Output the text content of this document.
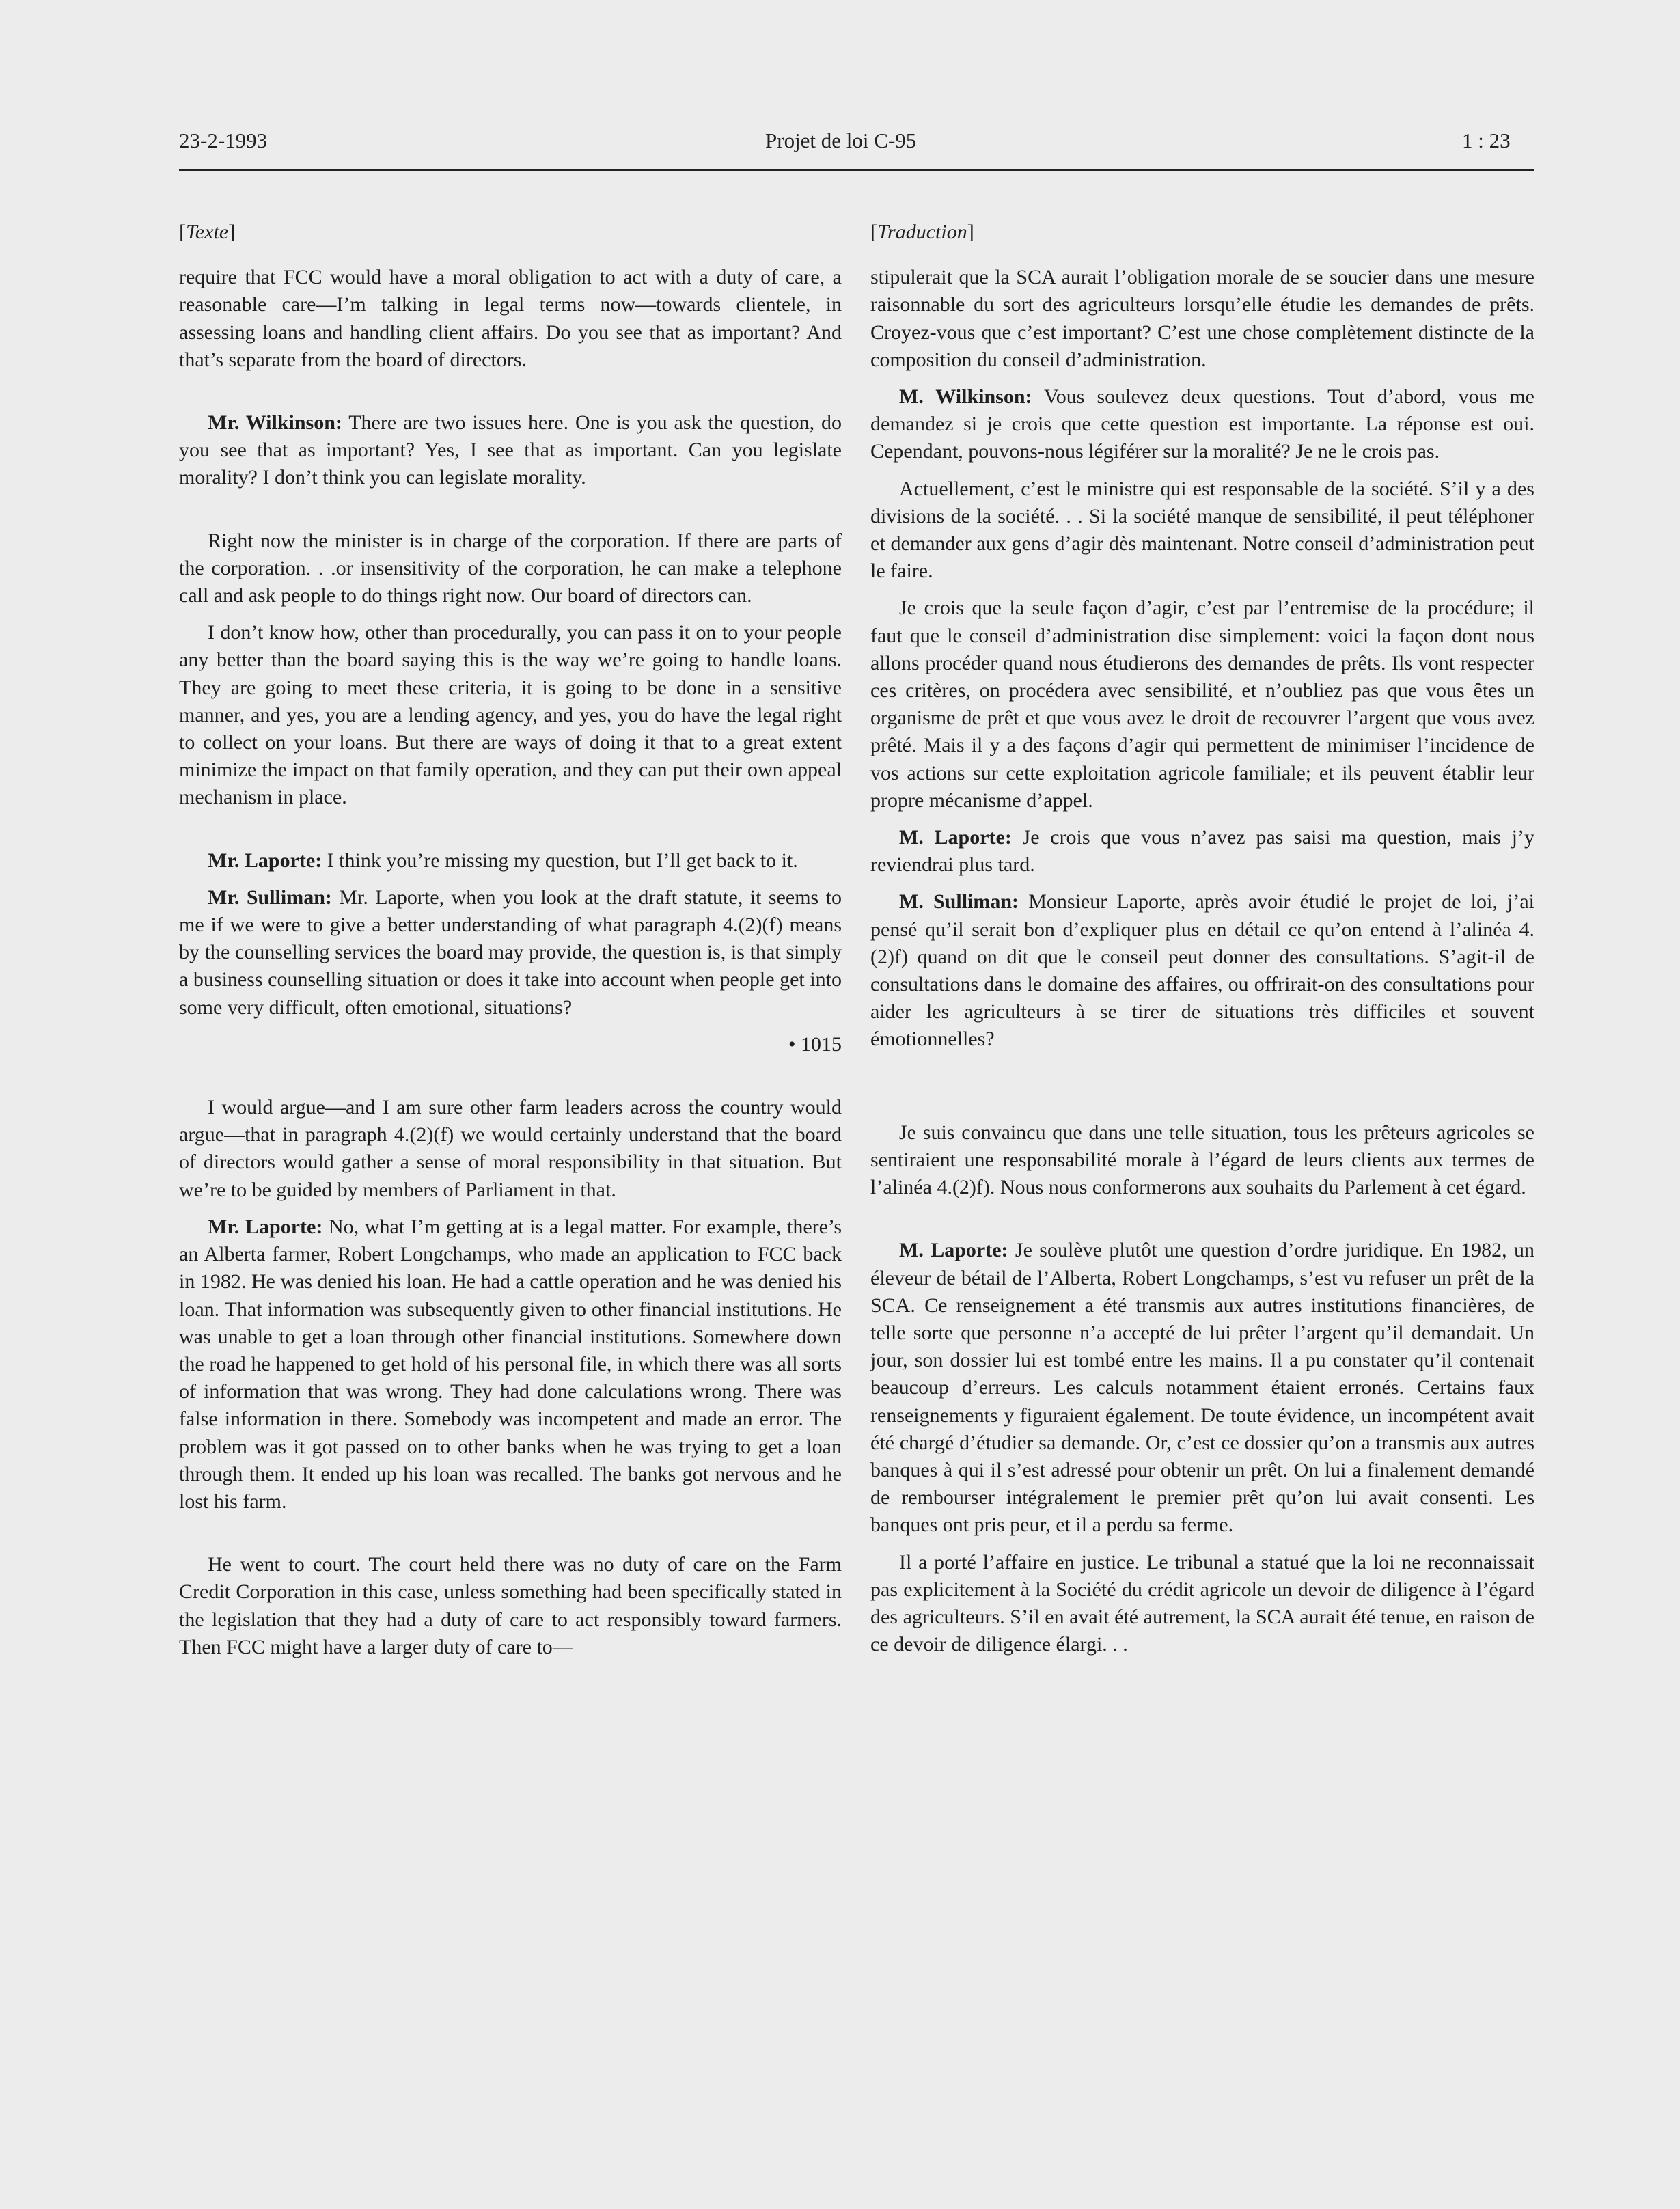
23-2-1993	Projet de loi C-95	1 : 23

[Texte]

require that FCC would have a moral obligation to act with a duty of care, a reasonable care—I’m talking in legal terms now—towards clientele, in assessing loans and handling client affairs. Do you see that as important? And that’s separate from the board of directors.

Mr. Wilkinson: There are two issues here. One is you ask the question, do you see that as important? Yes, I see that as important. Can you legislate morality? I don’t think you can legislate morality.

Right now the minister is in charge of the corporation. If there are parts of the corporation. . .or insensitivity of the corporation, he can make a telephone call and ask people to do things right now. Our board of directors can.

I don’t know how, other than procedurally, you can pass it on to your people any better than the board saying this is the way we’re going to handle loans. They are going to meet these criteria, it is going to be done in a sensitive manner, and yes, you are a lending agency, and yes, you do have the legal right to collect on your loans. But there are ways of doing it that to a great extent minimize the impact on that family operation, and they can put their own appeal mechanism in place.

Mr. Laporte: I think you’re missing my question, but I’ll get back to it.

Mr. Sulliman: Mr. Laporte, when you look at the draft statute, it seems to me if we were to give a better understanding of what paragraph 4.(2)(f) means by the counselling services the board may provide, the question is, is that simply a business counselling situation or does it take into account when people get into some very difficult, often emotional, situations?

• 1015

I would argue—and I am sure other farm leaders across the country would argue—that in paragraph 4.(2)(f) we would certainly understand that the board of directors would gather a sense of moral responsibility in that situation. But we’re to be guided by members of Parliament in that.

Mr. Laporte: No, what I’m getting at is a legal matter. For example, there’s an Alberta farmer, Robert Longchamps, who made an application to FCC back in 1982. He was denied his loan. He had a cattle operation and he was denied his loan. That information was subsequently given to other financial institutions. He was unable to get a loan through other financial institutions. Somewhere down the road he happened to get hold of his personal file, in which there was all sorts of information that was wrong. They had done calculations wrong. There was false information in there. Somebody was incompetent and made an error. The problem was it got passed on to other banks when he was trying to get a loan through them. It ended up his loan was recalled. The banks got nervous and he lost his farm.

He went to court. The court held there was no duty of care on the Farm Credit Corporation in this case, unless something had been specifically stated in the legislation that they had a duty of care to act responsibly toward farmers. Then FCC might have a larger duty of care to—

[Traduction]

stipulerait que la SCA aurait l’obligation morale de se soucier dans une mesure raisonnable du sort des agriculteurs lorsqu’elle étudie les demandes de prêts. Croyez-vous que c’est important? C’est une chose complètement distincte de la composition du conseil d’administration.

M. Wilkinson: Vous soulevez deux questions. Tout d’abord, vous me demandez si je crois que cette question est importante. La réponse est oui. Cependant, pouvons-nous légiférer sur la moralité? Je ne le crois pas.

Actuellement, c’est le ministre qui est responsable de la société. S’il y a des divisions de la société. . . Si la société manque de sensibilité, il peut téléphoner et demander aux gens d’agir dès maintenant. Notre conseil d’administration peut le faire.

Je crois que la seule façon d’agir, c’est par l’entremise de la procédure; il faut que le conseil d’administration dise simplement: voici la façon dont nous allons procéder quand nous étudierons des demandes de prêts. Ils vont respecter ces critères, on procédera avec sensibilité, et n’oubliez pas que vous êtes un organisme de prêt et que vous avez le droit de recouvrer l’argent que vous avez prêté. Mais il y a des façons d’agir qui permettent de minimiser l’incidence de vos actions sur cette exploitation agricole familiale; et ils peuvent établir leur propre mécanisme d’appel.

M. Laporte: Je crois que vous n’avez pas saisi ma question, mais j’y reviendrai plus tard.

M. Sulliman: Monsieur Laporte, après avoir étudié le projet de loi, j’ai pensé qu’il serait bon d’expliquer plus en détail ce qu’on entend à l’alinéa 4.(2)f) quand on dit que le conseil peut donner des consultations. S’agit-il de consultations dans le domaine des affaires, ou offrirait-on des consultations pour aider les agriculteurs à se tirer de situations très difficiles et souvent émotionnelles?

Je suis convaincu que dans une telle situation, tous les prêteurs agricoles se sentiraient une responsabilité morale à l’égard de leurs clients aux termes de l’alinéa 4.(2)f). Nous nous conformerons aux souhaits du Parlement à cet égard.

M. Laporte: Je soulève plutôt une question d’ordre juridique. En 1982, un éleveur de bétail de l’Alberta, Robert Longchamps, s’est vu refuser un prêt de la SCA. Ce renseignement a été transmis aux autres institutions financières, de telle sorte que personne n’a accepté de lui prêter l’argent qu’il demandait. Un jour, son dossier lui est tombé entre les mains. Il a pu constater qu’il contenait beaucoup d’erreurs. Les calculs notamment étaient erronés. Certains faux renseignements y figuraient également. De toute évidence, un incompétent avait été chargé d’étudier sa demande. Or, c’est ce dossier qu’on a transmis aux autres banques à qui il s’est adressé pour obtenir un prêt. On lui a finalement demandé de rembourser intégralement le premier prêt qu’on lui avait consenti. Les banques ont pris peur, et il a perdu sa ferme.

Il a porté l’affaire en justice. Le tribunal a statué que la loi ne reconnaissait pas explicitement à la Société du crédit agricole un devoir de diligence à l’égard des agriculteurs. S’il en avait été autrement, la SCA aurait été tenue, en raison de ce devoir de diligence élargi. . .
